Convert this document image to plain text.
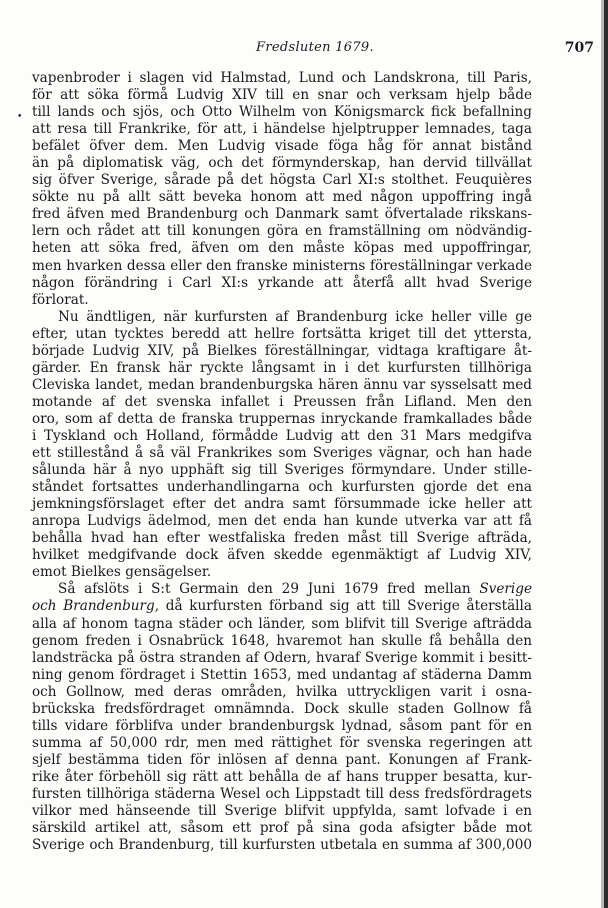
Fredsluten 1679.	707
•
vapenbroder i slagen vid Halmstad, Lund och Landskrona, till Paris,
för att söka förmå Ludvig XIV till en snar och verksam hjelp både
till lands och sjös, och Otto Wilhelm von Königsmarck fick befallning
att resa till Frankrike, för att, i händelse hjelptrupper lemnades, taga
befälet öfver dem. Men Ludvig visade föga håg för annat bistånd
än på diplomatisk väg, och det förmynderskap, han dervid tillvällat
sig öfver Sverige, sårade på det högsta Carl XI:s stolthet. Feuquières
sökte nu på allt sätt beveka honom att med någon uppoffring ingå
fred äfven med Brandenburg och Danmark samt öfvertalade rikskans-
lern och rådet att till konungen göra en framställning om nödvändig-
heten att söka fred, äfven om den måste köpas med uppoffringar,
men hvarken dessa eller den franske ministerns föreställningar verkade
någon förändring i Carl XI:s yrkande att återfå allt hvad Sverige
förlorat.
Nu ändtligen, när kurfursten af Brandenburg icke heller ville ge
efter, utan tycktes beredd att hellre fortsätta kriget till det yttersta,
började Ludvig XIV, på Bielkes föreställningar, vidtaga kraftigare åt-
gärder. En fransk här ryckte långsamt in i det kurfursten tillhöriga
Cleviska landet, medan brandenburgska hären ännu var sysselsatt med
motande af det svenska infallet i Preussen från Lifland. Men den
oro, som af detta de franska truppernas inryckande framkallades både
i Tyskland och Holland, förmådde Ludvig att den 31 Mars medgifva
ett stillestånd å så väl Frankrikes som Sveriges vägnar, och han hade
sålunda här å nyo upphäft sig till Sveriges förmyndare. Under stille-
ståndet fortsattes underhandlingarna och kurfursten gjorde det ena
jemkningsförslaget efter det andra samt försummade icke heller att
anropa Ludvigs ädelmod, men det enda han kunde utverka var att få
behålla hvad han efter westfaliska freden måst till Sverige afträda,
hvilket medgifvande dock äfven skedde egenmäktigt af Ludvig XIV,
emot Bielkes gensägelser.
Så afslöts i S:t Germain den 29 Juni 1679 fred mellan Sverige
och Brandenburg, då kurfursten förband sig att till Sverige återställa
alla af honom tagna städer och länder, som blifvit till Sverige afträdda
genom freden i Osnabrück 1648, hvaremot han skulle få behålla den
landsträcka på östra stranden af Odern, hvaraf Sverige kommit i besitt-
ning genom fördraget i Stettin 1653, med undantag af städerna Damm
och Gollnow, med deras områden, hvilka uttryckligen varit i osna-
brückska fredsfördraget omnämnda. Dock skulle staden Gollnow få
tills vidare förblifva under brandenburgsk lydnad, såsom pant för en
summa af 50,000 rdr, men med rättighet för svenska regeringen att
sjelf bestämma tiden för inlösen af denna pant. Konungen af Frank-
rike åter förbehöll sig rätt att behålla de af hans trupper besatta, kur-
fursten tillhöriga städerna Wesel och Lippstadt till dess fredsfördragets
vilkor med hänseende till Sverige blifvit uppfylda, samt lofvade i en
särskild artikel att, såsom ett prof på sina goda afsigter både mot
Sverige och Brandenburg, till kurfursten utbetala en summa af 300,000
